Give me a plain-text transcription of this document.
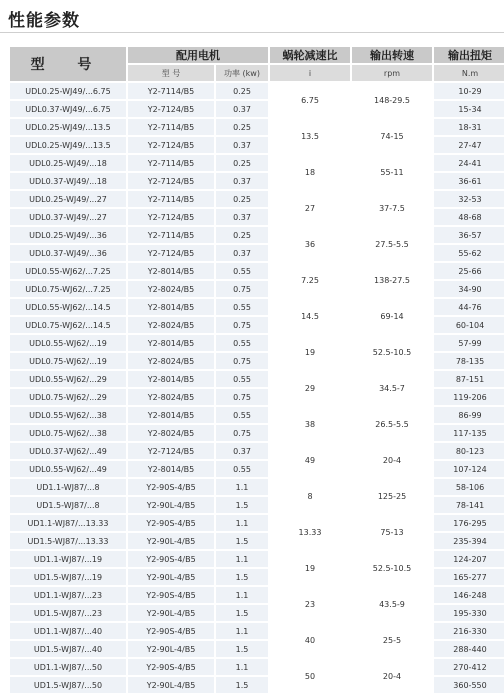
性能参数
型 号	配用电机		蜗轮减速比	输出转速	输出扭矩
	型 号	功率 (kw)	i	rpm	N.m
UDL0.25-WJ49/...6.75	Y2-7114/B5	0.25	6.75	148-29.5	10-29
UDL0.37-WJ49/...6.75	Y2-7124/B5	0.37			15-34
UDL0.25-WJ49/...13.5	Y2-7114/B5	0.25	13.5	74-15	18-31
UDL0.25-WJ49/...13.5	Y2-7124/B5	0.37			27-47
UDL0.25-WJ49/...18	Y2-7114/B5	0.25	18	55-11	24-41
UDL0.37-WJ49/...18	Y2-7124/B5	0.37			36-61
UDL0.25-WJ49/...27	Y2-7114/B5	0.25	27	37-7.5	32-53
UDL0.37-WJ49/...27	Y2-7124/B5	0.37			48-68
UDL0.25-WJ49/...36	Y2-7114/B5	0.25	36	27.5-5.5	36-57
UDL0.37-WJ49/...36	Y2-7124/B5	0.37			55-62
UDL0.55-WJ62/...7.25	Y2-8014/B5	0.55	7.25	138-27.5	25-66
UDL0.75-WJ62/...7.25	Y2-8024/B5	0.75			34-90
UDL0.55-WJ62/...14.5	Y2-8014/B5	0.55	14.5	69-14	44-76
UDL0.75-WJ62/...14.5	Y2-8024/B5	0.75			60-104
UDL0.55-WJ62/...19	Y2-8014/B5	0.55	19	52.5-10.5	57-99
UDL0.75-WJ62/...19	Y2-8024/B5	0.75			78-135
UDL0.55-WJ62/...29	Y2-8014/B5	0.55	29	34.5-7	87-151
UDL0.75-WJ62/...29	Y2-8024/B5	0.75			119-206
UDL0.55-WJ62/...38	Y2-8014/B5	0.55	38	26.5-5.5	86-99
UDL0.75-WJ62/...38	Y2-8024/B5	0.75			117-135
UDL0.37-WJ62/...49	Y2-7124/B5	0.37	49	20-4	80-123
UDL0.55-WJ62/...49	Y2-8014/B5	0.55			107-124
UD1.1-WJ87/...8	Y2-90S-4/B5	1.1	8	125-25	58-106
UD1.5-WJ87/...8	Y2-90L-4/B5	1.5			78-141
UD1.1-WJ87/...13.33	Y2-90S-4/B5	1.1	13.33	75-13	176-295
UD1.5-WJ87/...13.33	Y2-90L-4/B5	1.5			235-394
UD1.1-WJ87/...19	Y2-90S-4/B5	1.1	19	52.5-10.5	124-207
UD1.5-WJ87/...19	Y2-90L-4/B5	1.5			165-277
UD1.1-WJ87/...23	Y2-90S-4/B5	1.1	23	43.5-9	146-248
UD1.5-WJ87/...23	Y2-90L-4/B5	1.5			195-330
UD1.1-WJ87/...40	Y2-90S-4/B5	1.1	40	25-5	216-330
UD1.5-WJ87/...40	Y2-90L-4/B5	1.5			288-440
UD1.1-WJ87/...50	Y2-90S-4/B5	1.1	50	20-4	270-412
UD1.5-WJ87/...50	Y2-90L-4/B5	1.5			360-550
